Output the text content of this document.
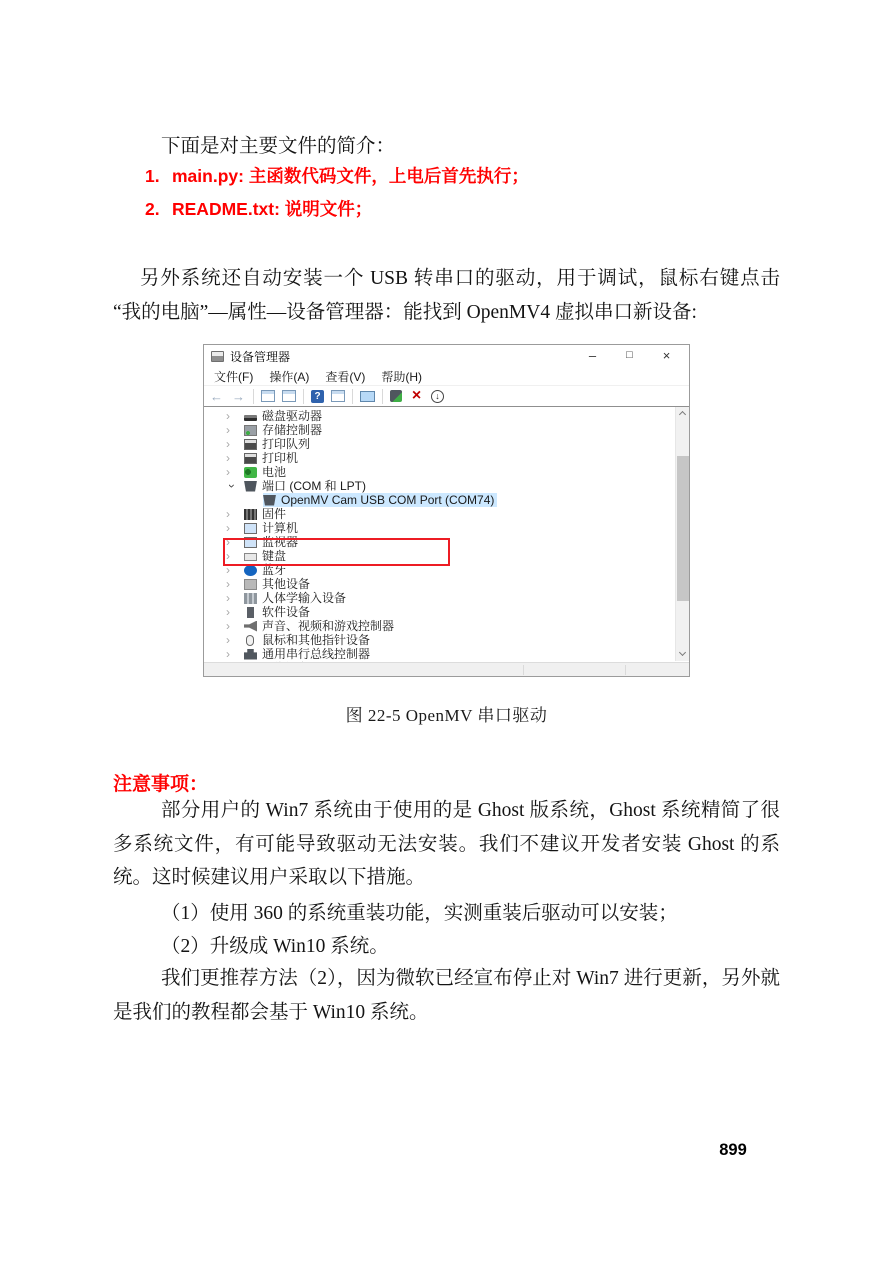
下面是对主要文件的简介：

1. main.py: 主函数代码文件，上电后首先执行；
2. README.txt: 说明文件；

另外系统还自动安装一个 USB 转串口的驱动，用于调试，鼠标右键点击 “我的电脑”—属性—设备管理器：能找到 OpenMV4 虚拟串口新设备:

设备管理器	–	□	×
文件(F)	操作(A)	查看(V)	帮助(H)
← →	?	×	↓
›	磁盘驱动器
›	存储控制器
›	打印队列
›	打印机
›	电池
› 端口 (COM 和 LPT)
OpenMV Cam USB COM Port (COM74)
›	固件
›	计算机
›	监视器
›	键盘
›	蓝牙
›	其他设备
›	人体学输入设备
›	软件设备
›	声音、视频和游戏控制器
›	鼠标和其他指针设备
›	通用串行总线控制器
图 22-5 OpenMV 串口驱动
注意事项：

部分用户的 Win7 系统由于使用的是 Ghost 版系统，Ghost 系统精简了很多系统文件，有可能导致驱动无法安装。我们不建议开发者安装 Ghost 的系统。这时候建议用户采取以下措施。

（1）使用 360 的系统重装功能，实测重装后驱动可以安装；

（2）升级成 Win10 系统。

我们更推荐方法（2），因为微软已经宣布停止对 Win7 进行更新，另外就是我们的教程都会基于 Win10 系统。

899
